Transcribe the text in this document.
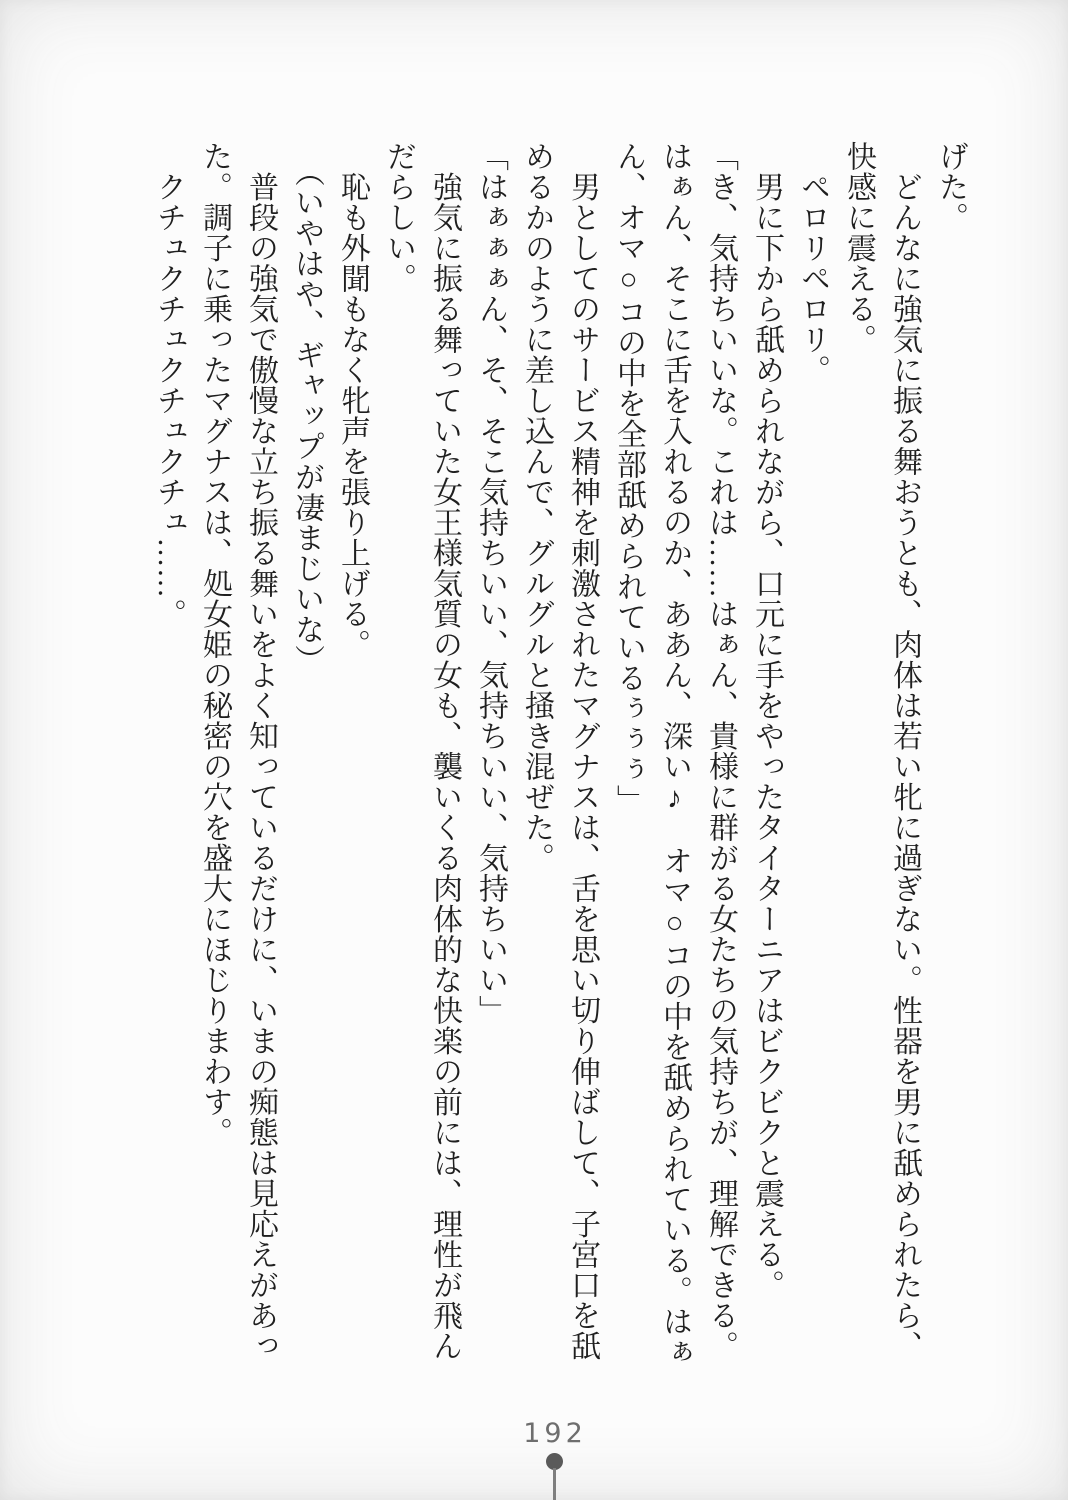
げた。

　どんなに強気に振る舞おうとも、肉体は若い牝に過ぎない。性器を男に舐められたら、

快感に震える。

　ペロリペロリ。

　男に下から舐められながら、口元に手をやったタイターニアはビクビクと震える。

「き、気持ちいいな。これは……はぁん、貴様に群がる女たちの気持ちが、理解できる。

はぁん、そこに舌を入れるのか、ああん、深い♪　オマ○コの中を舐められている。はぁ

ん、オマ○コの中を全部舐められているぅぅぅ」

　男としてのサービス精神を刺激されたマグナスは、舌を思い切り伸ばして、子宮口を舐

めるかのように差し込んで、グルグルと掻き混ぜた。

「はぁぁぁん、そ、そこ気持ちいい、気持ちいい、気持ちいい」

　強気に振る舞っていた女王様気質の女も、襲いくる肉体的な快楽の前には、理性が飛ん

だらしい。

　恥も外聞もなく牝声を張り上げる。

　（いやはや、ギャップが凄まじいな）

　普段の強気で傲慢な立ち振る舞いをよく知っているだけに、いまの痴態は見応えがあっ

た。調子に乗ったマグナスは、処女姫の秘密の穴を盛大にほじりまわす。

　クチュクチュクチュクチュ……。

192
